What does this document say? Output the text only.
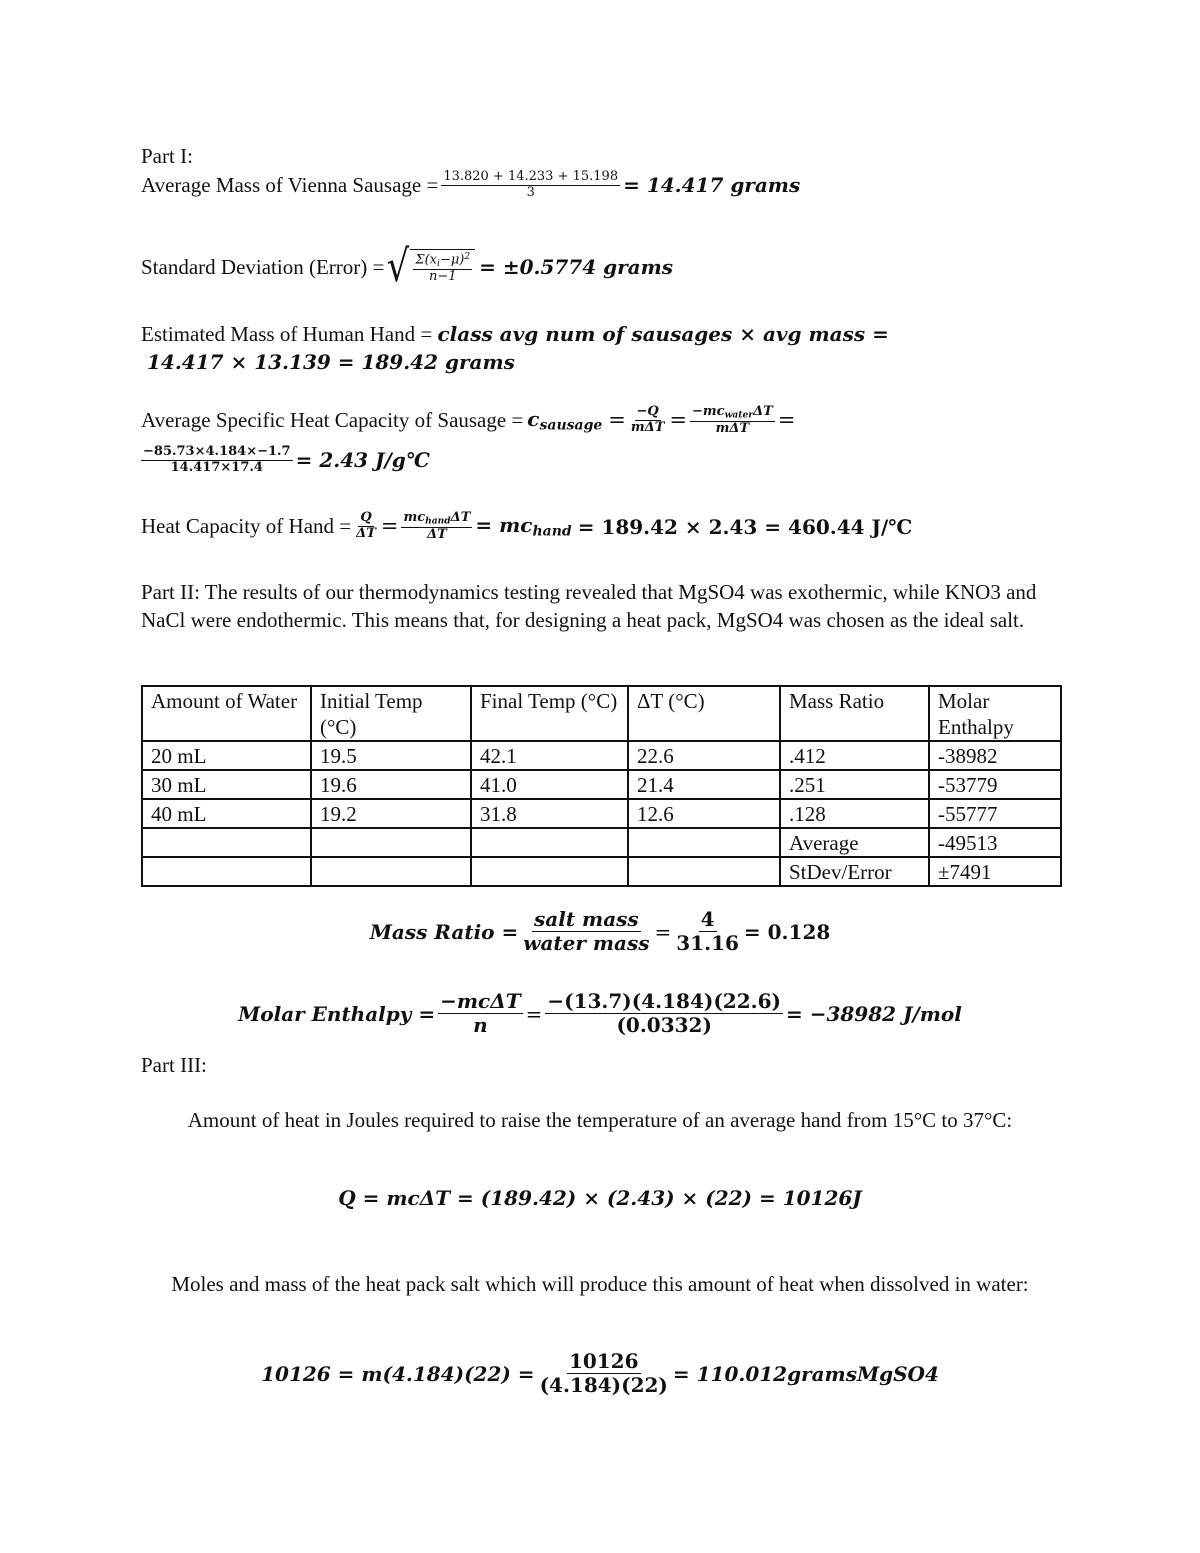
Part I:
Average Mass of Vienna Sausage = $\frac{13.820 + 14.233 + 15.198}{3} = 14.417$ grams
Standard Deviation (Error) = √ $\frac{\Sigma(x_i-\mu)^2}{n-1} = \pm 0.5774$ grams
Estimated Mass of Human Hand = class avg num of sausages × avg mass =
14.417 × 13.139 = 189.42 grams
Average Specific Heat Capacity of Sausage = $c_{sausage} = \frac{-Q}{\text{mΔT}} = \frac{-mc_{water}\Delta T}{\text{mΔT}}$ =
$\frac{-85.73\times 4.184\times-1.7}{14.417\times 17.4} = 2.43$ J/g℃
Heat Capacity of Hand = $\frac{Q}{\Delta T} = \frac{mc_{hand}\Delta T}{\Delta T} = mc_{hand} = 189.42 \times 2.43 = 460.44$ J/℃
Part II: The results of our thermodynamics testing revealed that MgSO4 was exothermic, while KNO3 and NaCl were endothermic. This means that, for designing a heat pack, MgSO4 was chosen as the ideal salt.
Amount of Water	Initial Temp (°C)	Final Temp (°C)	ΔT (°C)	Mass Ratio	Molar Enthalpy
20 mL	19.5	42.1	22.6	.412	-38982
30 mL	19.6	41.0	21.4	.251	-53779
40 mL	19.2	31.8	12.6	.128	-55777
				Average	-49513
				StDev/Error	±7491
Mass Ratio = $\frac{\text{salt mass}}{\text{water mass}} = \frac{4}{31.16} = 0.128$
Molar Enthalpy = $\frac{\text{−mcΔT}}{n} = \frac{-(13.7)(4.184)(22.6)}{(0.0332)} = -38982$ J/mol
Part III:
Amount of heat in Joules required to raise the temperature of an average hand from 15°C to 37°C:
Q = mcΔT = (189.42) × (2.43) × (22) = 10126J
Moles and mass of the heat pack salt which will produce this amount of heat when dissolved in water:
$10126 = m(4.184)(22) = \frac{10126}{(4.184)(22)}$ = 110.012gramsMgSO4
